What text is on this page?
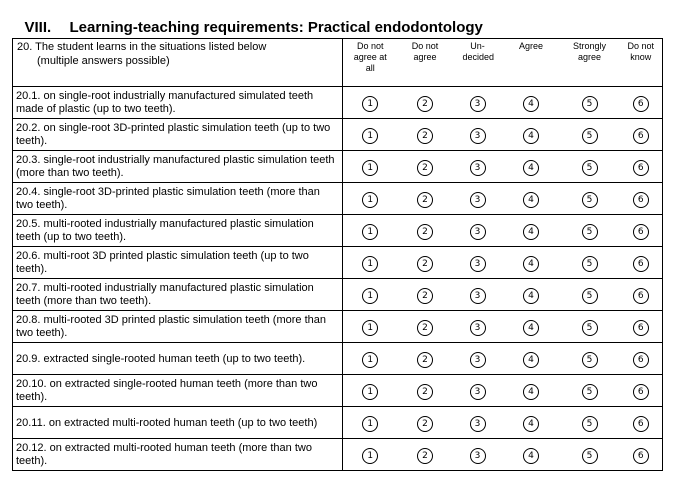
VIII. Learning-teaching requirements: Practical endodontology						

20. The student learns in the situations listed below
(multiple answers possible)	Do not agree at all	Do not agree	Un-decided	Agree	Strongly agree	Do not know
20.1. on single-root industrially manufactured simulated teeth made of plastic (up to two teeth).	1	2	3	4	5	6
20.2. on single-root 3D-printed plastic simulation teeth (up to two teeth).	1	2	3	4	5	6
20.3. single-root industrially manufactured plastic simulation teeth (more than two teeth).	1	2	3	4	5	6
20.4. single-root 3D-printed plastic simulation teeth (more than two teeth).	1	2	3	4	5	6
20.5. multi-rooted industrially manufactured plastic simulation teeth (up to two teeth).	1	2	3	4	5	6
20.6. multi-root 3D printed plastic simulation teeth (up to two teeth).	1	2	3	4	5	6
20.7. multi-rooted industrially manufactured plastic simulation teeth (more than two teeth).	1	2	3	4	5	6
20.8. multi-rooted 3D printed plastic simulation teeth (more than two teeth).	1	2	3	4	5	6
20.9. extracted single-rooted human teeth (up to two teeth).	1	2	3	4	5	6
20.10. on extracted single-rooted human teeth (more than two teeth).	1	2	3	4	5	6
20.11. on extracted multi-rooted human teeth (up to two teeth)	1	2	3	4	5	6
20.12. on extracted multi-rooted human teeth (more than two teeth).	1	2	3	4	5	6
